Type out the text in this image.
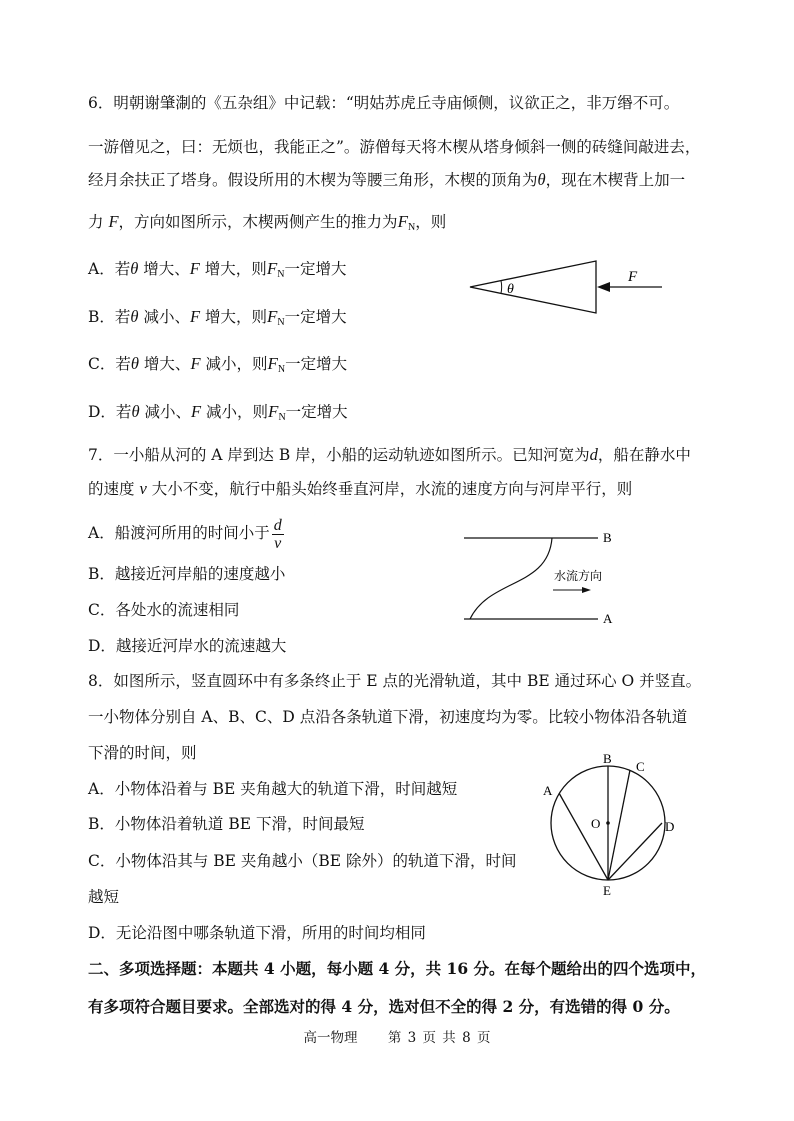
6．明朝谢肇淛的《五杂组》中记载：“明姑苏虎丘寺庙倾侧，议欲正之，非万缗不可。
一游僧见之，曰：无烦也，我能正之”。游僧每天将木楔从塔身倾斜一侧的砖缝间敲进去，
经月余扶正了塔身。假设所用的木楔为等腰三角形，木楔的顶角为θ，现在木楔背上加一
力 F，方向如图所示，木楔两侧产生的推力为$F_N$，则
A．若θ 增大、F 增大，则$F_N$一定增大
B．若θ 减小、F 增大，则$F_N$一定增大
C．若θ 增大、F 减小，则$F_N$一定增大
D．若θ 减小、F 减小，则$F_N$一定增大
θ
F
7．一小船从河的 A 岸到达 B 岸，小船的运动轨迹如图所示。已知河宽为d，船在静水中
的速度 v 大小不变，航行中船头始终垂直河岸，水流的速度方向与河岸平行，则
A．船渡河所用的时间小于 $\frac{d}{v}$
B．越接近河岸船的速度越小
C．各处水的流速相同
D．越接近河岸水的流速越大
B
A
水流方向
8．如图所示，竖直圆环中有多条终止于 E 点的光滑轨道，其中 BE 通过环心 O 并竖直。
一小物体分别自 A、B、C、D 点沿各条轨道下滑，初速度均为零。比较小物体沿各轨道
下滑的时间，则
A．小物体沿着与 BE 夹角越大的轨道下滑，时间越短
B．小物体沿着轨道 BE 下滑，时间最短
C．小物体沿其与 BE 夹角越小（BE 除外）的轨道下滑，时间
越短
D．无论沿图中哪条轨道下滑，所用的时间均相同
B
C
A
D
O
E
二、多项选择题：本题共 4 小题，每小题 4 分，共 16 分。在每个题给出的四个选项中，
有多项符合题目要求。全部选对的得 4 分，选对但不全的得 2 分，有选错的得 0 分。
高一物理 第 3 页 共 8 页
